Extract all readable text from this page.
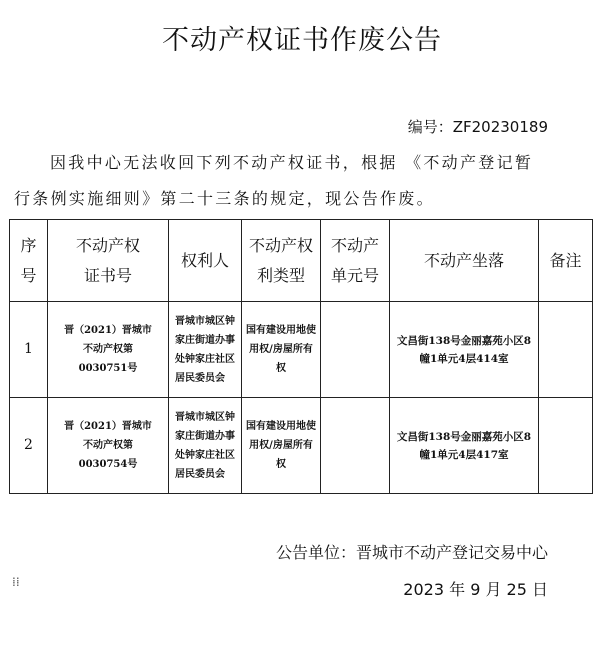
不动产权证书作废公告
编号：ZF20230189
因我中心无法收回下列不动产权证书，根据 《不动产登记暂行条例实施细则》第二十三条的规定，现公告作废。
序号	不动产权证书号	权利人	不动产权利类型	不动产单元号	不动产坐落	备注
1	晋（2021）晋城市不动产权第0030751号	晋城市城区钟家庄街道办事处钟家庄社区居民委员会	国有建设用地使用权/房屋所有权		文昌街138号金丽嘉苑小区8幢1单元4层414室	
2	晋（2021）晋城市不动产权第0030754号	晋城市城区钟家庄街道办事处钟家庄社区居民委员会	国有建设用地使用权/房屋所有权		文昌街138号金丽嘉苑小区8幢1单元4层417室	
公告单位：晋城市不动产登记交易中心
⁞⁞	2023 年 9 月 25 日
